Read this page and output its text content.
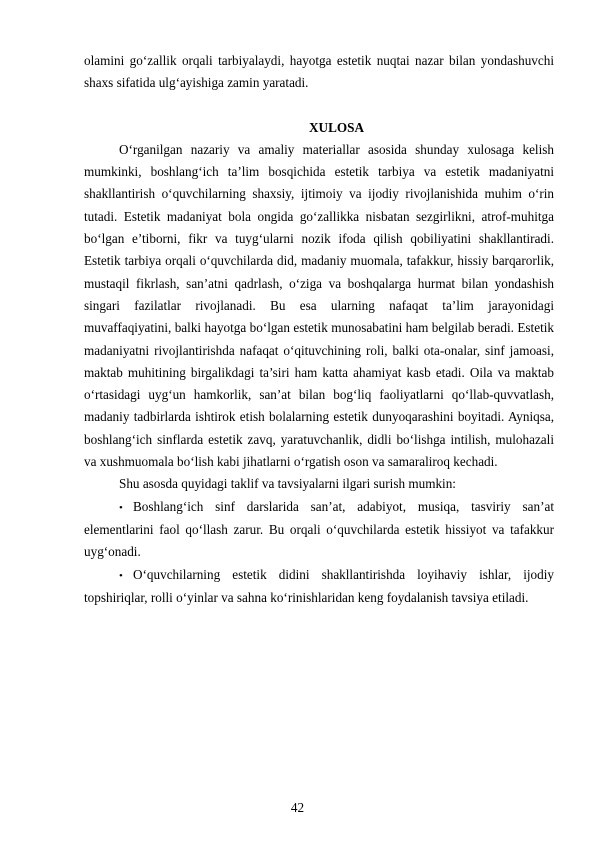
olamini go‘zallik orqali tarbiyalaydi, hayotga estetik nuqtai nazar bilan yondashuvchi shaxs sifatida ulg‘ayishiga zamin yaratadi.

XULOSA

O‘rganilgan nazariy va amaliy materiallar asosida shunday xulosaga kelish mumkinki, boshlang‘ich ta’lim bosqichida estetik tarbiya va estetik madaniyatni shakllantirish o‘quvchilarning shaxsiy, ijtimoiy va ijodiy rivojlanishida muhim o‘rin tutadi. Estetik madaniyat bola ongida go‘zallikka nisbatan sezgirlikni, atrof-muhitga bo‘lgan e’tiborni, fikr va tuyg‘ularni nozik ifoda qilish qobiliyatini shakllantiradi. Estetik tarbiya orqali o‘quvchilarda did, madaniy muomala, tafakkur, hissiy barqarorlik, mustaqil fikrlash, san’atni qadrlash, o‘ziga va boshqalarga hurmat bilan yondashish singari fazilatlar rivojlanadi. Bu esa ularning nafaqat ta’lim jarayonidagi muvaffaqiyatini, balki hayotga bo‘lgan estetik munosabatini ham belgilab beradi. Estetik madaniyatni rivojlantirishda nafaqat o‘qituvchining roli, balki ota-onalar, sinf jamoasi, maktab muhitining birgalikdagi ta’siri ham katta ahamiyat kasb etadi. Oila va maktab o‘rtasidagi uyg‘un hamkorlik, san’at bilan bog‘liq faoliyatlarni qo‘llab-quvvatlash, madaniy tadbirlarda ishtirok etish bolalarning estetik dunyoqarashini boyitadi. Ayniqsa, boshlang‘ich sinflarda estetik zavq, yaratuvchanlik, didli bo‘lishga intilish, mulohazali va xushmuomala bo‘lish kabi jihatlarni o‘rgatish oson va samaraliroq kechadi.

Shu asosda quyidagi taklif va tavsiyalarni ilgari surish mumkin:

• Boshlang‘ich sinf darslarida san’at, adabiyot, musiqa, tasviriy san’at elementlarini faol qo‘llash zarur. Bu orqali o‘quvchilarda estetik hissiyot va tafakkur uyg‘onadi.

• O‘quvchilarning estetik didini shakllantirishda loyihaviy ishlar, ijodiy topshiriqlar, rolli o‘yinlar va sahna ko‘rinishlaridan keng foydalanish tavsiya etiladi.

42
